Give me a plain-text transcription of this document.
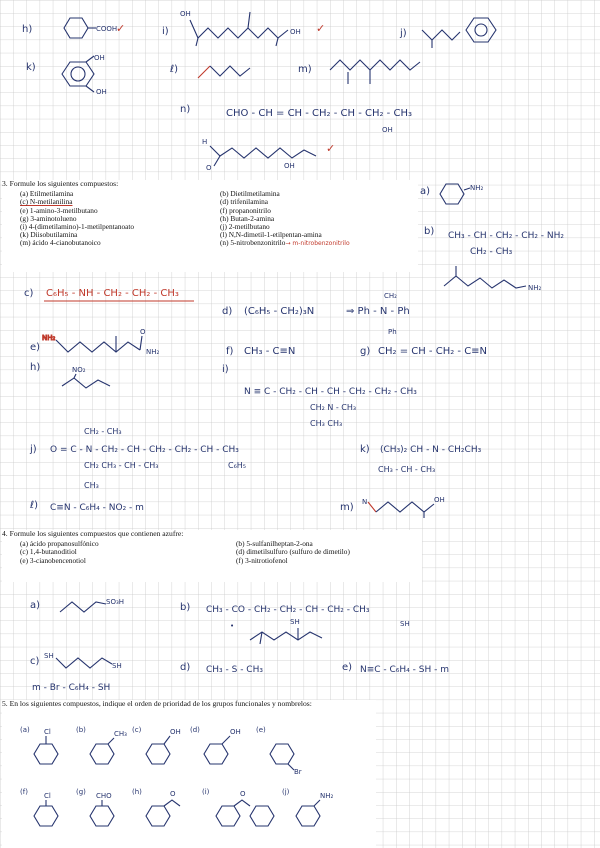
h)	COOH
✓	i)
OH
OH ✓	j)
k)
OH
OH
ℓ)	m)
n)	CHO - CH = CH - CH₂ - CH - CH₂ - CH₃
OH
H
O	OH
✓
3. Formule los siguientes compuestos:
(a) Etilmetilamina
(c) N-metilanilina
(e) 1-amino-3-metilbutano
(g) 3-aminotolueno
(i) 4-(dimetilamino)-1-metilpentanoato
(k) Diisobutilamina
(m) ácido 4-cianobutanoico
(b) Dietilmetilamina
(d) trifenilamina
(f) propanonitrilo
(h) Butan-2-amina
(j) 2-metilbutano
(l) N,N-dimetil-1-etilpentan-amina
(n) 5-nitrobenzonitrilo→ m-nitrobenzonitrilo
a)	NH₂
b) CH₃ - CH - CH₂ - CH₂ - NH₂
CH₂ - CH₃
NH₂
c) C₆H₅ - NH - CH₂ - CH₂ - CH₃
d) (C₆H₅ - CH₂)₃N	⇒ Ph - N - Ph
CH₂
Ph
e)
NH₂
O
NH₂	f) CH₃ - C≡N	g) CH₂ = CH - CH₂ - C≡N
h)	NO₂	i)
N ≡ C - CH₂ - CH - CH - CH₂ - CH₂ - CH₃
CH₂ N - CH₃
CH₃ CH₃
CH₂ - CH₃
j) O = C - N - CH₂ - CH - CH₂ - CH₂ - CH - CH₃
CH₂ CH₃ - CH - CH₃	C₆H₅
CH₃
k) (CH₃)₂ CH - N - CH₂CH₃
CH₃ - CH - CH₃
ℓ) C≡N - C₆H₄ - NO₂ - m	m) N	OH
4. Formule los siguientes compuestos que contienen azufre:
(a) ácido propanosulfónico
(c) 1,4-butanoditiol
(e) 3-cianobencenotiol
(b) 5-sulfanilheptan-2-ona
(d) dimetilsulfuro (sulfuro de dimetilo)
(f) 3-nitrotiofenol
a)	SO₃H	b) CH₃ - CO - CH₂ - CH₂ - CH - CH₂ - CH₃
SH
•	SH
c) SH
SH	d) CH₃ - S - CH₃	e) N≡C - C₆H₄ - SH - m
m - Br - C₆H₄ - SH
5. En los siguientes compuestos, indique el orden de prioridad de los grupos funcionales y nombrelos:
(a) Cl	(b)	CH₃ (c)	OH (d)	OH (e)
Br
(f) Cl	(g) CHO	(h)	O	(i)	O	(j)	NH₂
